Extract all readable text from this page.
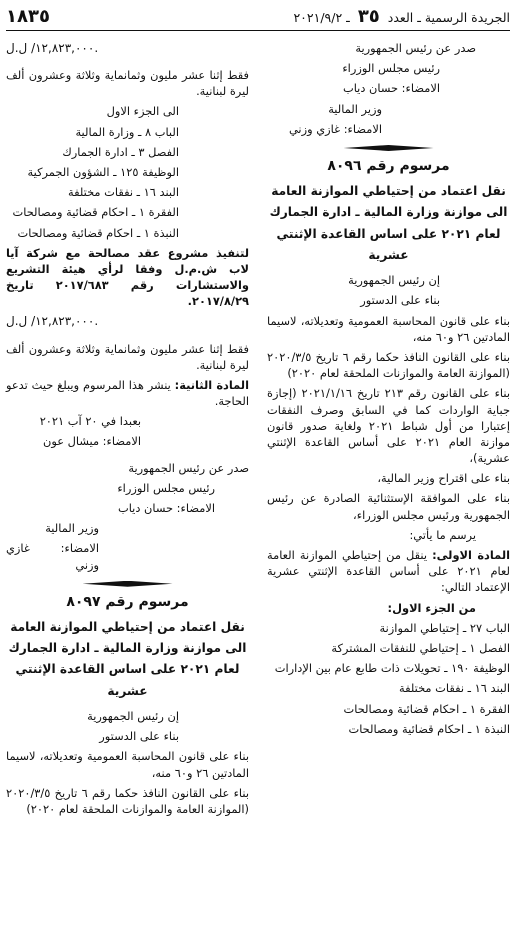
الجريدة الرسمية ـ العدد ٣٥ ـ ٢٠٢١/٩/٢
١٨٣٥
صدر عن رئيس الجمهورية
رئيس مجلس الوزراء
الامضاء: حسان دياب
وزير المالية
الامضاء: غازي وزني
مرسوم رقم ٨٠٩٦
نقل اعتماد من إحتياطي الموازنة العامة
الى موازنة وزارة المالية ـ ادارة الجمارك
لعام ٢٠٢١ على اساس القاعدة الإثنتي عشرية
إن رئيس الجمهورية
بناء على الدستور
بناء على قانون المحاسبة العمومية وتعديلاته، لاسيما المادتين ٢٦ و٦٠ منه،
بناء على القانون النافذ حكما رقم ٦ تاريخ ٢٠٢٠/٣/٥ (الموازنة العامة والموازنات الملحقة لعام ٢٠٢٠)
بناء على القانون رقم ٢١٣ تاريخ ٢٠٢١/١/١٦ (إجازة جباية الواردات كما في السابق وصرف النفقات إعتبارا من أول شباط ٢٠٢١ ولغاية صدور قانون موازنة العام ٢٠٢١ على أساس القاعدة الإثنتي عشرية)،
بناء على اقتراح وزير المالية،
بناء على الموافقة الإستثنائية الصادرة عن رئيس الجمهورية ورئيس مجلس الوزراء،
يرسم ما يأتي:
المادة الاولى: ينقل من إحتياطي الموازنة العامة لعام ٢٠٢١ على أساس القاعدة الإثنتي عشرية الإعتماد التالي:
من الجزء الاول:
الباب ٢٧ ـ إحتياطي الموازنة
الفصل ١ ـ إحتياطي للنفقات المشتركة
الوظيفة ١٩٠ ـ تحويلات ذات طابع عام بين الإدارات
البند ١٦ ـ نفقات مختلفة
الفقرة ١ ـ احكام قضائية ومصالحات
النبذة ١ ـ احكام قضائية ومصالحات
١٢,٨٢٣,٠٠٠/ ل.ل.
فقط إثنا عشر مليون وثمانماية وثلاثة وعشرون ألف ليرة لبنانية.
الى الجزء الاول
الباب ٨ ـ وزارة المالية
الفصل ٣ ـ ادارة الجمارك
الوظيفة ١٢٥ ـ الشؤون الجمركية
البند ١٦ ـ نفقات مختلفة
الفقرة ١ ـ احكام قضائية ومصالحات
النبذة ١ ـ احكام قضائية ومصالحات
لتنفيذ مشروع عقد مصالحة مع شركة آيا لاب ش.م.ل وفقا لرأي هيئة التشريع والاستشارات رقم ٢٠١٧/٦٨٣ تاريخ ٢٠١٧/٨/٢٩.
١٢,٨٢٣,٠٠٠/ ل.ل.
فقط إثنا عشر مليون وثمانماية وثلاثة وعشرون ألف ليرة لبنانية.
المادة الثانية: ينشر هذا المرسوم ويبلغ حيث تدعو الحاجة.
بعبدا في ٢٠ آب ٢٠٢١
الامضاء: ميشال عون
صدر عن رئيس الجمهورية
رئيس مجلس الوزراء
الامضاء: حسان دياب
وزير المالية
الامضاء: غازي وزني
مرسوم رقم ٨٠٩٧
نقل اعتماد من إحتياطي الموازنة العامة
الى موازنة وزارة المالية ـ ادارة الجمارك
لعام ٢٠٢١ على اساس القاعدة الإثنتي عشرية
إن رئيس الجمهورية
بناء على الدستور
بناء على قانون المحاسبة العمومية وتعديلاته، لاسيما المادتين ٢٦ و٦٠ منه،
بناء على القانون النافذ حكما رقم ٦ تاريخ ٢٠٢٠/٣/٥ (الموازنة العامة والموازنات الملحقة لعام ٢٠٢٠)
